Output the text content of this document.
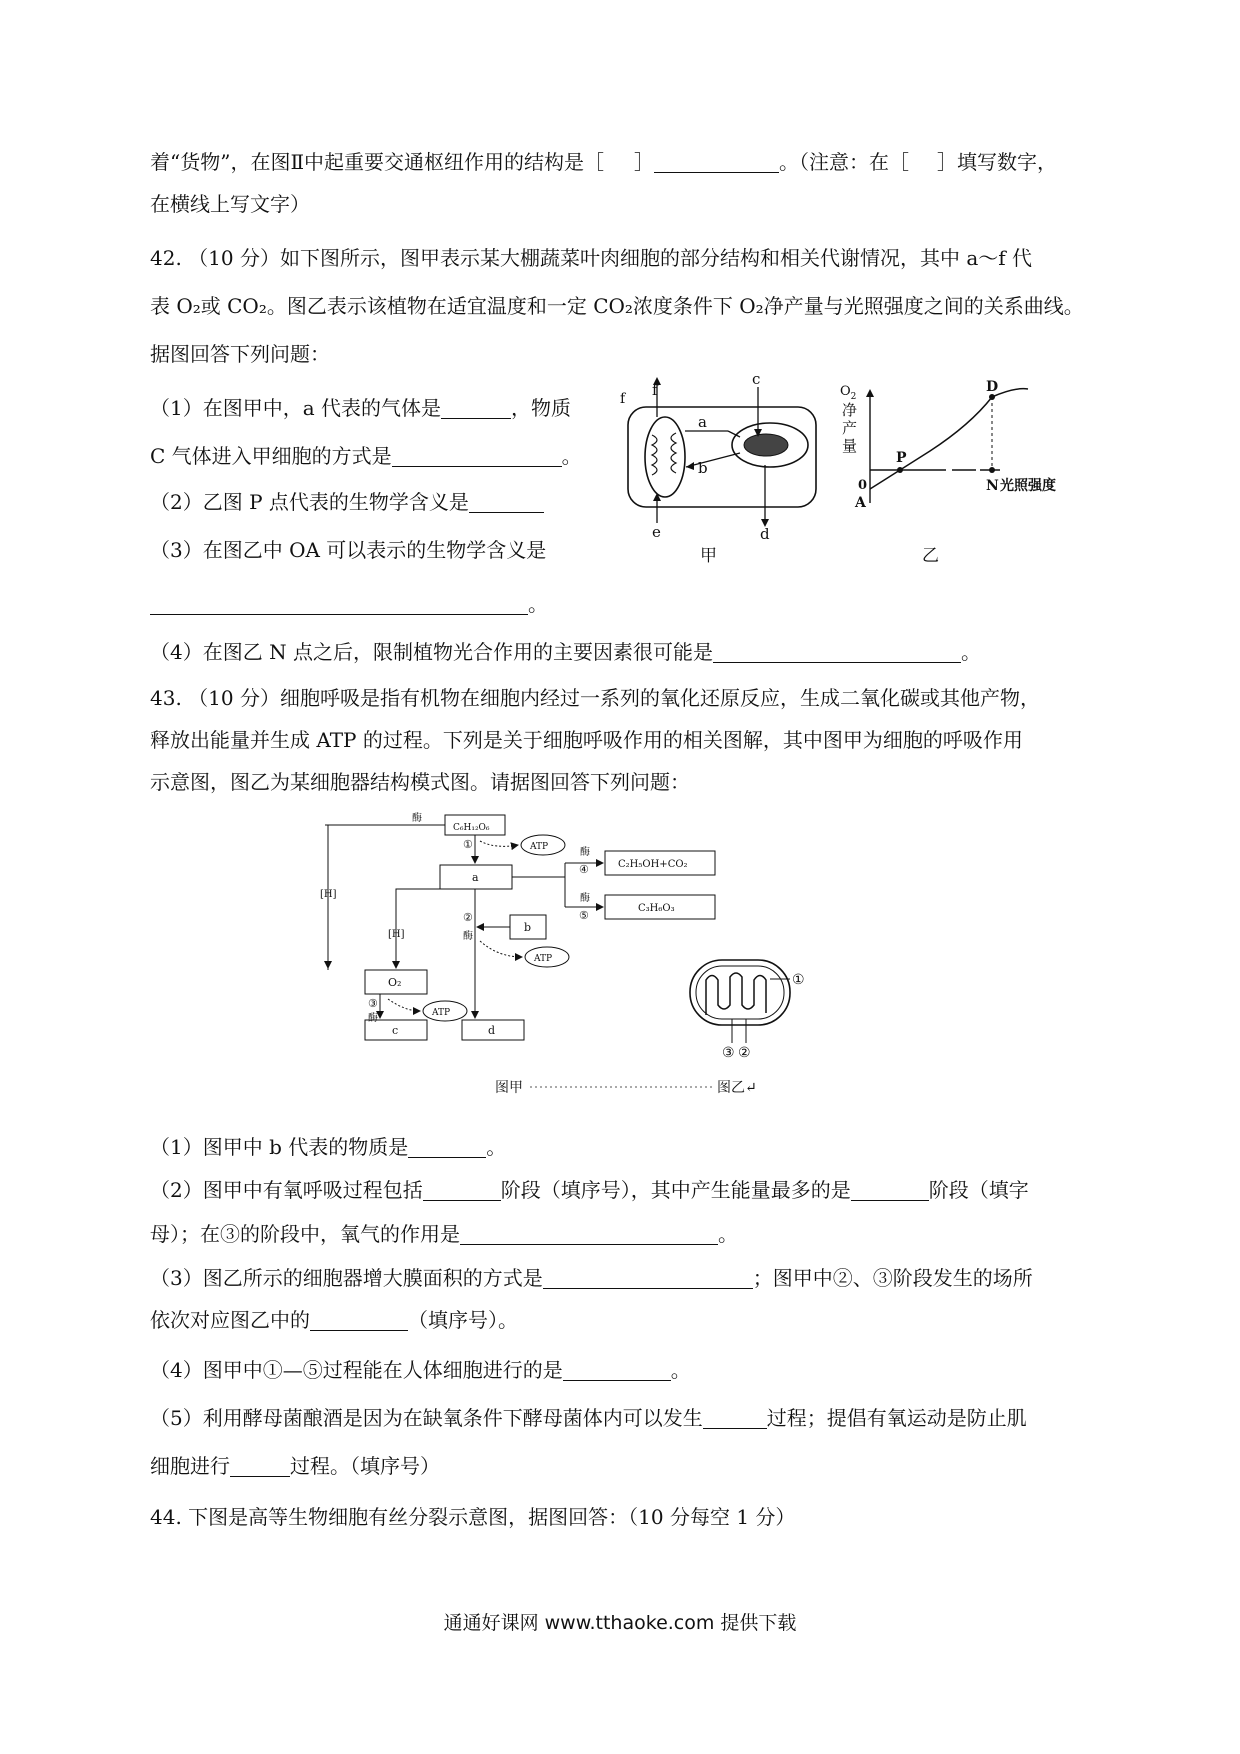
着“货物”，在图Ⅱ中起重要交通枢纽作用的结构是［ ］	。（注意：在［ ］填写数字，
在横线上写文字）
42. （10 分）如下图所示，图甲表示某大棚蔬菜叶肉细胞的部分结构和相关代谢情况，其中 a～f 代
表 O₂或 CO₂。图乙表示该植物在适宜温度和一定 CO₂浓度条件下 O₂净产量与光照强度之间的关系曲线。
据图回答下列问题：
（1）在图甲中，a 代表的气体是	，物质
C 气体进入甲细胞的方式是	。
（2）乙图 P 点代表的生物学含义是
（3）在图乙中 OA 可以表示的生物学含义是
。
（4）在图乙 N 点之后，限制植物光合作用的主要因素很可能是	。
f f
c
a
b
e	d
甲
$O_2$
净
产
量
D
P
N 光照强度
0
A
乙
43. （10 分）细胞呼吸是指有机物在细胞内经过一系列的氧化还原反应，生成二氧化碳或其他产物，
释放出能量并生成 ATP 的过程。下列是关于细胞呼吸作用的相关图解，其中图甲为细胞的呼吸作用
示意图，图乙为某细胞器结构模式图。请据图回答下列问题：
C₆H₁₂O₆
a
b
O₂
c	d
C₂H₅OH+CO₂
C₃H₆O₃
ATP
ATP
ATP
①
酶
[H]
[H]
②
酶
③
酶
酶
④
酶
⑤
①
③ ②
图甲	图乙↵
（1）图甲中 b 代表的物质是	。
（2）图甲中有氧呼吸过程包括	阶段（填序号），其中产生能量最多的是	阶段（填字
母）；在③的阶段中，氧气的作用是	。
（3）图乙所示的细胞器增大膜面积的方式是	；图甲中②、③阶段发生的场所
依次对应图乙中的	（填序号）。
（4）图甲中①—⑤过程能在人体细胞进行的是	。
（5）利用酵母菌酿酒是因为在缺氧条件下酵母菌体内可以发生	过程；提倡有氧运动是防止肌
细胞进行	过程。（填序号）
44. 下图是高等生物细胞有丝分裂示意图，据图回答：（10 分每空 1 分）
通通好课网 www.tthaoke.com 提供下载
